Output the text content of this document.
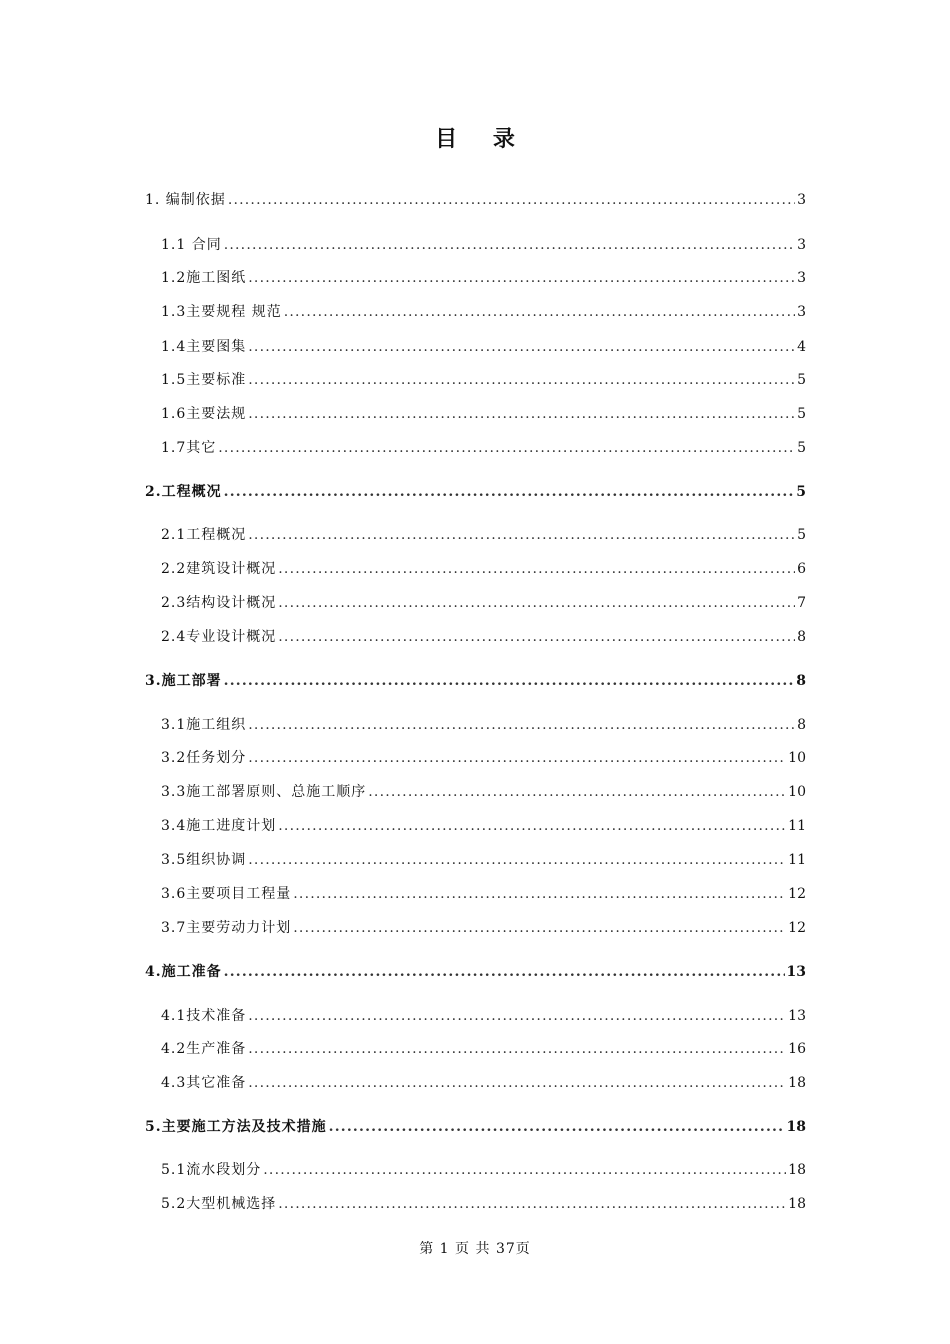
目 录
1. 编制依据 .....	3
1.1 合同 .....	3
1.2施工图纸 .....	3
1.3主要规程 规范 .....	3
1.4主要图集 .....	4
1.5主要标准 .....	5
1.6主要法规 .....	5
1.7其它 .....	5
2.工程概况 .....	5
2.1工程概况 .....	5
2.2建筑设计概况 .....	6
2.3结构设计概况 .....	7
2.4专业设计概况 .....	8
3.施工部署 .....	8
3.1施工组织 .....	8
3.2任务划分 .....	10
3.3施工部署原则、总施工顺序 .....	10
3.4施工进度计划 .....	11
3.5组织协调 .....	11
3.6主要项目工程量 .....	12
3.7主要劳动力计划 .....	12
4.施工准备 .....	13
4.1技术准备 .....	13
4.2生产准备 .....	16
4.3其它准备 .....	18
5.主要施工方法及技术措施 .....	18
5.1流水段划分 .....	18
5.2大型机械选择 .....	18
第 1 页 共 37页
